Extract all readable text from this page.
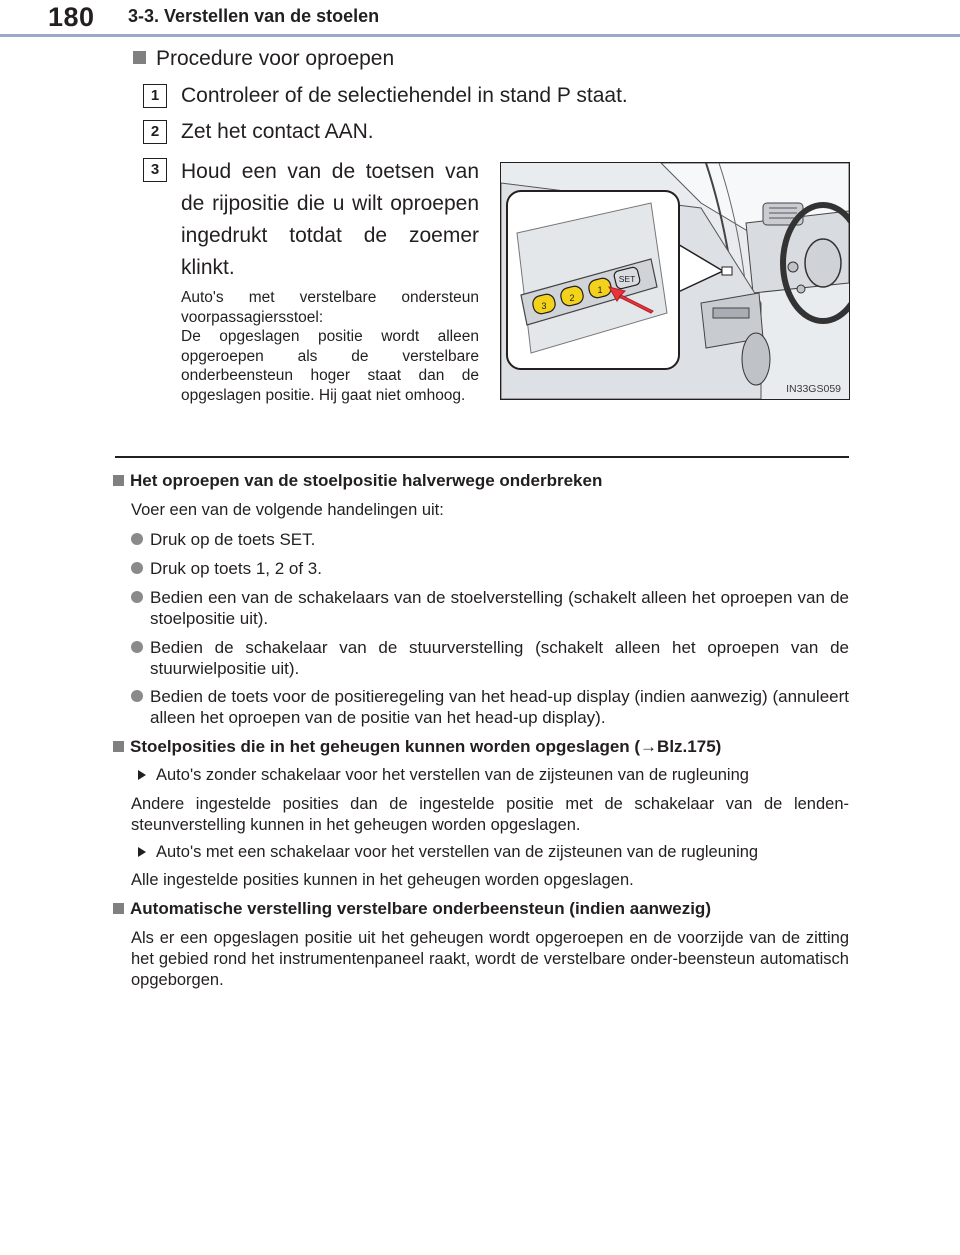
180 3-3. Verstellen van de stoelen
Procedure voor oproepen
1	Controleer of de selectiehendel in stand P staat.
2	Zet het contact AAN.
3	Houd een van de toetsen van de rijpositie die u wilt oproepen ingedrukt totdat de zoemer klinkt.
Auto's met verstelbare ondersteun voorpassagiersstoel:
De opgeslagen positie wordt alleen opgeroepen als de verstelbare onderbeensteun hoger staat dan de opgeslagen positie. Hij gaat niet omhoog.
3
2
1
SET
IN33GS059
Het oproepen van de stoelpositie halverwege onderbreken
Voer een van de volgende handelingen uit:
Druk op de toets SET.
Druk op toets 1, 2 of 3.
Bedien een van de schakelaars van de stoelverstelling (schakelt alleen het oproepen van de stoelpositie uit).
Bedien de schakelaar van de stuurverstelling (schakelt alleen het oproepen van de stuurwielpositie uit).
Bedien de toets voor de positieregeling van het head-up display (indien aanwezig) (annuleert alleen het oproepen van de positie van het head-up display).
Stoelposities die in het geheugen kunnen worden opgeslagen (→Blz.175)
Auto's zonder schakelaar voor het verstellen van de zijsteunen van de rugleuning
Andere ingestelde posities dan de ingestelde positie met de schakelaar van de lenden-steunverstelling kunnen in het geheugen worden opgeslagen.
Auto's met een schakelaar voor het verstellen van de zijsteunen van de rugleuning
Alle ingestelde posities kunnen in het geheugen worden opgeslagen.
Automatische verstelling verstelbare onderbeensteun (indien aanwezig)
Als er een opgeslagen positie uit het geheugen wordt opgeroepen en de voorzijde van de zitting het gebied rond het instrumentenpaneel raakt, wordt de verstelbare onder-beensteun automatisch opgeborgen.
